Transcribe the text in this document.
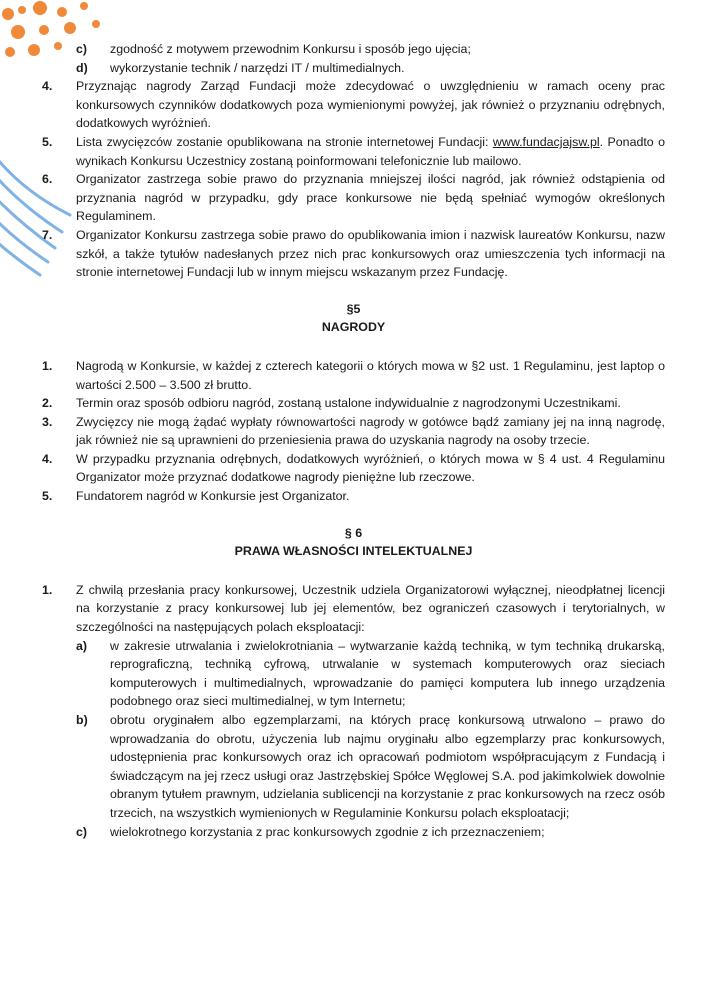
c) zgodność z motywem przewodnim Konkursu i sposób jego ujęcia;
d) wykorzystanie technik / narzędzi IT / multimedialnych.
4. Przyznając nagrody Zarząd Fundacji może zdecydować o uwzględnieniu w ramach oceny prac konkursowych czynników dodatkowych poza wymienionymi powyżej, jak również o przyznaniu odrębnych, dodatkowych wyróżnień.
5. Lista zwycięzców zostanie opublikowana na stronie internetowej Fundacji: www.fundacjajsw.pl. Ponadto o wynikach Konkursu Uczestnicy zostaną poinformowani telefonicznie lub mailowo.
6. Organizator zastrzega sobie prawo do przyznania mniejszej ilości nagród, jak również odstąpienia od przyznania nagród w przypadku, gdy prace konkursowe nie będą spełniać wymogów określonych Regulaminem.
7. Organizator Konkursu zastrzega sobie prawo do opublikowania imion i nazwisk laureatów Konkursu, nazw szkół, a także tytułów nadesłanych przez nich prac konkursowych oraz umieszczenia tych informacji na stronie internetowej Fundacji lub w innym miejscu wskazanym przez Fundację.
§5
NAGRODY
1. Nagrodą w Konkursie, w każdej z czterech kategorii o których mowa w §2 ust. 1 Regulaminu, jest laptop o wartości 2.500 – 3.500 zł brutto.
2. Termin oraz sposób odbioru nagród, zostaną ustalone indywidualnie z nagrodzonymi Uczestnikami.
3. Zwycięzcy nie mogą żądać wypłaty równowartości nagrody w gotówce bądź zamiany jej na inną nagrodę, jak również nie są uprawnieni do przeniesienia prawa do uzyskania nagrody na osoby trzecie.
4. W przypadku przyznania odrębnych, dodatkowych wyróżnień, o których mowa w § 4 ust. 4 Regulaminu Organizator może przyznać dodatkowe nagrody pieniężne lub rzeczowe.
5. Fundatorem nagród w Konkursie jest Organizator.
§ 6
PRAWA WŁASNOŚCI INTELEKTUALNEJ
1. Z chwilą przesłania pracy konkursowej, Uczestnik udziela Organizatorowi wyłącznej, nieodpłatnej licencji na korzystanie z pracy konkursowej lub jej elementów, bez ograniczeń czasowych i terytorialnych, w szczególności na następujących polach eksploatacji:
a) w zakresie utrwalania i zwielokrotniania – wytwarzanie każdą techniką, w tym techniką drukarską, reprograficzną, techniką cyfrową, utrwalanie w systemach komputerowych oraz sieciach komputerowych i multimedialnych, wprowadzanie do pamięci komputera lub innego urządzenia podobnego oraz sieci multimedialnej, w tym Internetu;
b) obrotu oryginałem albo egzemplarzami, na których pracę konkursową utrwalono – prawo do wprowadzania do obrotu, użyczenia lub najmu oryginału albo egzemplarzy prac konkursowych, udostępnienia prac konkursowych oraz ich opracowań podmiotom współpracującym z Fundacją i świadczącym na jej rzecz usługi oraz Jastrzębskiej Spółce Węglowej S.A. pod jakimkolwiek dowolnie obranym tytułem prawnym, udzielania sublicencji na korzystanie z prac konkursowych na rzecz osób trzecich, na wszystkich wymienionych w Regulaminie Konkursu polach eksploatacji;
c) wielokrotnego korzystania z prac konkursowych zgodnie z ich przeznaczeniem;
